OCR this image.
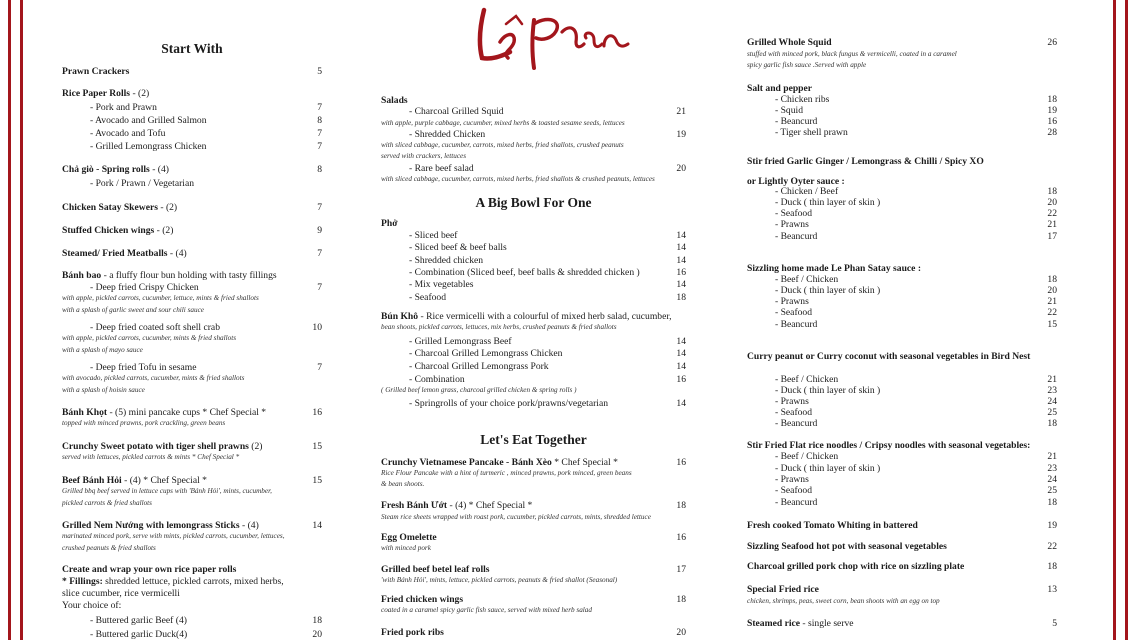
Lê Phan
Start With
Prawn Crackers	5
Rice Paper Rolls - (2)
- Pork and Prawn	7
- Avocado and Grilled Salmon	8
- Avocado and Tofu	7
- Grilled Lemongrass Chicken	7
Chả giò - Spring rolls - (4)	8
- Pork / Prawn / Vegetarian
Chicken Satay Skewers - (2)	7
Stuffed Chicken wings - (2)	9
Steamed/ Fried Meatballs - (4)	7
Bánh bao - a fluffy flour bun holding with tasty fillings
- Deep fried Crispy Chicken	7
with apple, pickled carrots, cucumber, lettuce, mints & fried shallots
with a splash of garlic sweet and sour chili sauce
- Deep fried coated soft shell crab	10
with apple, pickled carrots, cucumber, mints & fried shallots
with a splash of mayo sauce
- Deep fried Tofu in sesame	7
with avocado, pickled carrots, cucumber, mints & fried shallots
with a splash of hoisin sauce
Bánh Khọt - (5) mini pancake cups * Chef Special *	16
topped with minced prawns, pork crackling, green beans
Crunchy Sweet potato with tiger shell prawns (2)	15
served with lettuces, pickled carrots & mints * Chef Special *
Beef Bánh Hỏi - (4) * Chef Special *	15
Grilled bbq beef served in lettuce cups with 'Bánh Hỏi', mints, cucumber,
pickled carrots & fried shallots
Grilled Nem Nướng with lemongrass Sticks - (4)	14
marinated minced pork, serve with mints, pickled carrots, cucumber, lettuces,
crushed peanuts & fried shallots
Create and wrap your own rice paper rolls
* Fillings: shredded lettuce, pickled carrots, mixed herbs,
slice cucumber, rice vermicelli
Your choice of:
- Buttered garlic Beef (4)	18
- Buttered garlic Duck(4)	20
A Big Bowl For One
Let's Eat Together
Salads
- Charcoal Grilled Squid	21
with apple, purple cabbage, cucumber, mixed herbs & toasted sesame seeds, lettuces
- Shredded Chicken	19
with sliced cabbage, cucumber, carrots, mixed herbs, fried shallots, crushed peanuts
served with crackers, lettuces
- Rare beef salad	20
with sliced cabbage, cucumber, carrots, mixed herbs, fried shallots & crushed peanuts, lettuces
Phở
- Sliced beef	14
- Sliced beef & beef balls	14
- Shredded chicken	14
- Combination (Sliced beef, beef balls & shredded chicken )	16
- Mix vegetables	14
- Seafood	18
Bún Khô - Rice vermicelli with a colourful of mixed herb salad, cucumber,
bean shoots, pickled carrots, lettuces, mix herbs, crushed peanuts & fried shallots
- Grilled Lemongrass Beef	14
- Charcoal Grilled Lemongrass Chicken	14
- Charcoal Grilled Lemongrass Pork	14
- Combination	16
( Grilled beef lemon grass, charcoal grilled chicken & spring rolls )
- Springrolls of your choice pork/prawns/vegetarian	14
Crunchy Vietnamese Pancake - Bánh Xèo * Chef Special *	16
Rice Flour Pancake with a hint of turmeric , minced prawns, pork minced, green beans
& bean shoots.
Fresh Bánh Ướt - (4) * Chef Special *	18
Steam rice sheets wrapped with roast pork, cucumber, pickled carrots, mints, shredded lettuce
Egg Omelette	16
with minced pork
Grilled beef betel leaf rolls	17
'with Bánh Hỏi', mints, lettuce, pickled carrots, peanuts & fried shallot (Seasonal)
Fried chicken wings	18
coated in a caramel spicy garlic fish sauce, served with mixed herb salad
Fried pork ribs	20
Grilled Whole Squid	26
stuffed with minced pork, black fungus & vermicelli, coated in a caramel
spicy garlic fish sauce .Served with apple
Salt and pepper
- Chicken ribs	18
- Squid	19
- Beancurd	16
- Tiger shell prawn	28
Stir fried Garlic Ginger / Lemongrass & Chilli / Spicy XO
or Lightly Oyter sauce :
- Chicken / Beef	18
- Duck ( thin layer of skin )	20
- Seafood	22
- Prawns	21
- Beancurd	17
Sizzling home made Le Phan Satay sauce :
- Beef / Chicken	18
- Duck ( thin layer of skin )	20
- Prawns	21
- Seafood	22
- Beancurd	15
Curry peanut or Curry coconut with seasonal vegetables in Bird Nest
- Beef / Chicken	21
- Duck ( thin layer of skin )	23
- Prawns	24
- Seafood	25
- Beancurd	18
Stir Fried Flat rice noodles / Cripsy noodles with seasonal vegetables:
- Beef / Chicken	21
- Duck ( thin layer of skin )	23
- Prawns	24
- Seafood	25
- Beancurd	18
Fresh cooked Tomato Whiting in battered	19
Sizzling Seafood hot pot with seasonal vegetables	22
Charcoal grilled pork chop with rice on sizzling plate	18
Special Fried rice	13
chicken, shrimps, peas, sweet corn, bean shoots with an egg on top
Steamed rice - single serve	5
